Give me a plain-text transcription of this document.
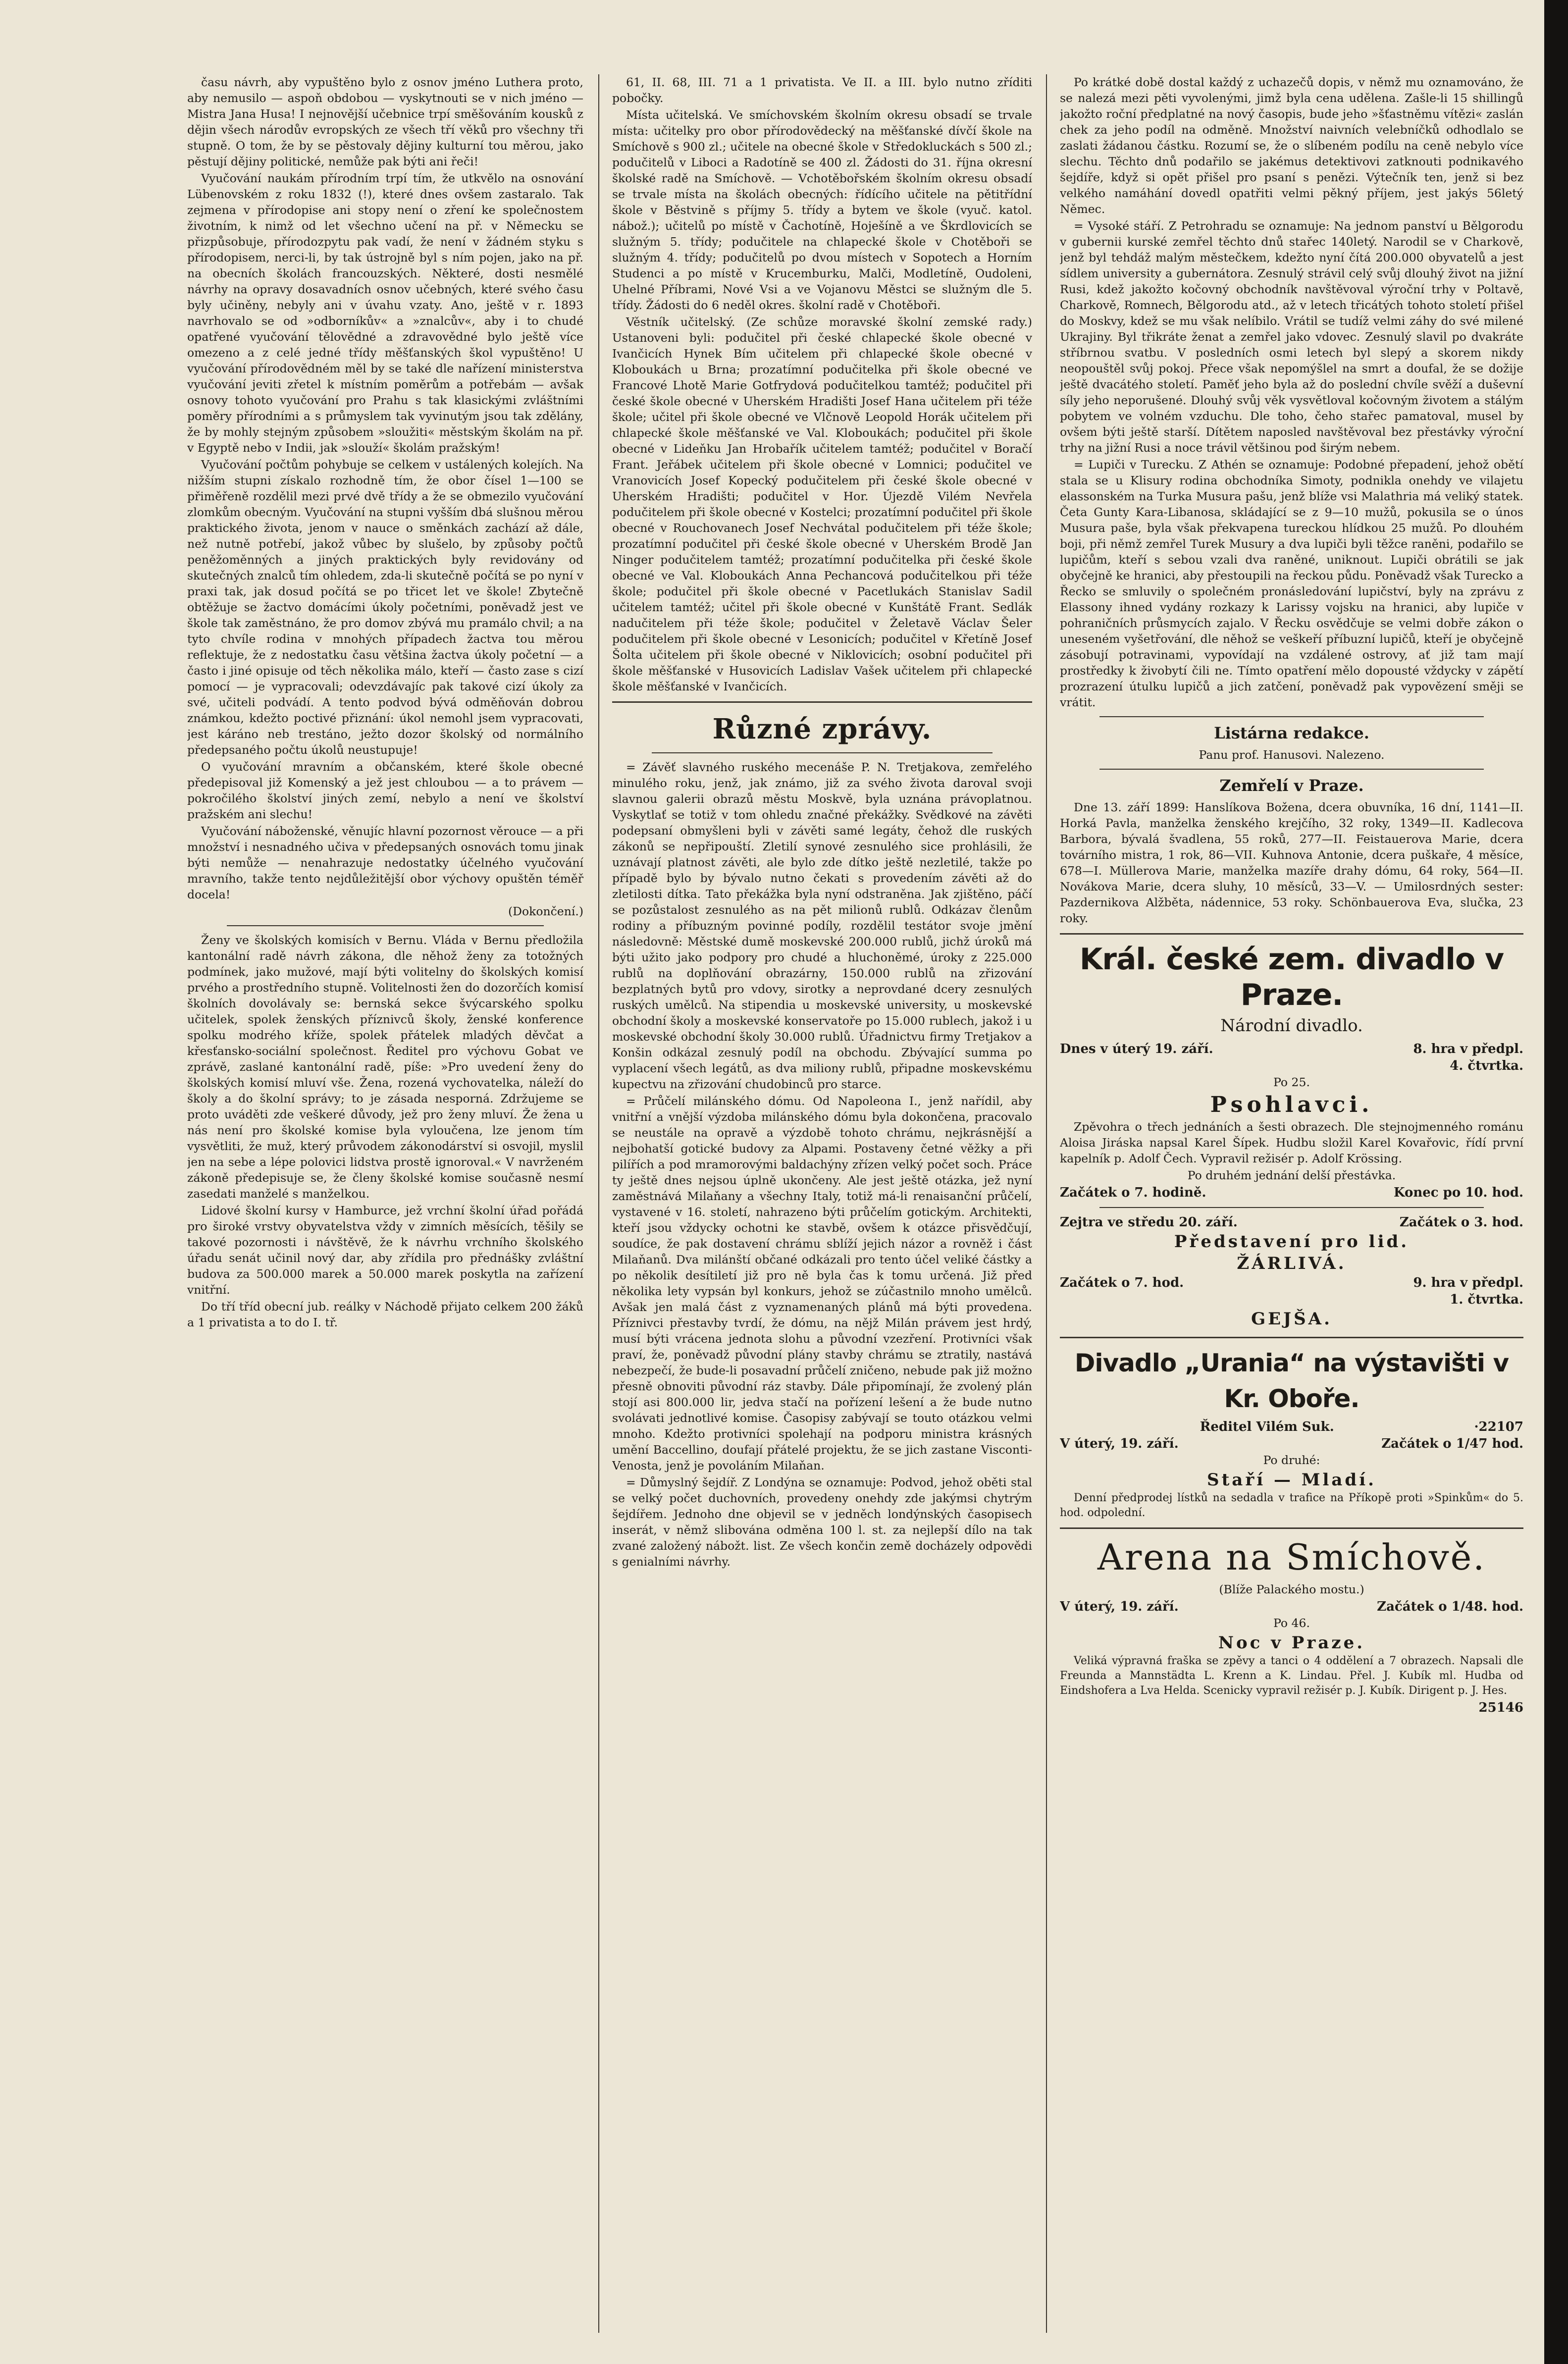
času návrh, aby vypuštěno bylo z osnov jméno Luthera proto, aby nemusilo — aspoň obdobou — vyskytnouti se v nich jméno — Mistra Jana Husa! I nejnovější učebnice trpí směšováním kousků z dějin všech národův evropských ze všech tří věků pro všechny tři stupně. O tom, že by se pěstovaly dějiny kulturní tou měrou, jako pěstují dějiny politické, nemůže pak býti ani řeči!

Vyučování naukám přírodním trpí tím, že utkvělo na osnování Lübenovském z roku 1832 (!), které dnes ovšem zastaralo. Tak zejmena v přírodopise ani stopy není o zření ke společnostem životním, k nimž od let všechno učení na př. v Německu se přizpůsobuje, přírodozpytu pak vadí, že není v žádném styku s přírodopisem, nerci-li, by tak ústrojně byl s ním pojen, jako na př. na obecních školách francouzských. Některé, dosti nesmělé návrhy na opravy dosavadních osnov učebných, které svého času byly učiněny, nebyly ani v úvahu vzaty. Ano, ještě v r. 1893 navrhovalo se od »odborníkův« a »znalcův«, aby i to chudé opatřené vyučování tělovědné a zdravovědné bylo ještě více omezeno a z celé jedné třídy měšťanských škol vypuštěno! U vyučování přírodovědném měl by se také dle nařízení ministerstva vyučování jeviti zřetel k místním poměrům a potřebám — avšak osnovy tohoto vyučování pro Prahu s tak klasickými zvláštními poměry přírodními a s průmyslem tak vyvinutým jsou tak zdělány, že by mohly stejným způsobem »sloužiti« městským školám na př. v Egyptě nebo v Indii, jak »slouží« školám pražským!

Vyučování počtům pohybuje se celkem v ustálených kolejích. Na nižším stupni získalo rozhodně tím, že obor čísel 1—100 se přiměřeně rozdělil mezi prvé dvě třídy a že se obmezilo vyučování zlomkům obecným. Vyučování na stupni vyšším dbá slušnou měrou praktického života, jenom v nauce o směnkách zachází až dále, než nutně potřebí, jakož vůbec by slušelo, by způsoby počtů peněžoměnných a jiných praktických byly revidovány od skutečných znalců tím ohledem, zda-li skutečně počítá se po nyní v praxi tak, jak dosud počítá se po třicet let ve škole! Zbytečně obtěžuje se žactvo domácími úkoly početními, poněvadž jest ve škole tak zaměstnáno, že pro domov zbývá mu pramálo chvil; a na tyto chvíle rodina v mnohých případech žactva tou měrou reflektuje, že z nedostatku času většina žactva úkoly početní — a často i jiné opisuje od těch několika málo, kteří — často zase s cizí pomocí — je vypracovali; odevzdávajíc pak takové cizí úkoly za své, učiteli podvádí. A tento podvod bývá odměňován dobrou známkou, kdežto poctivé přiznání: úkol nemohl jsem vypracovati, jest káráno neb trestáno, ježto dozor školský od normálního předepsaného počtu úkolů neustupuje!

O vyučování mravním a občanském, které škole obecné předepisoval již Komenský a jež jest chloubou — a to právem — pokročilého školství jiných zemí, nebylo a není ve školství pražském ani slechu!

Vyučování náboženské, věnujíc hlavní pozornost věrouce — a při množství i nesnadného učiva v předepsaných osnovách tomu jinak býti nemůže — nenahrazuje nedostatky účelného vyučování mravního, takže tento nejdůležitější obor výchovy opuštěn téměř docela!

(Dokončení.)

Ženy ve školských komisích v Bernu. Vláda v Bernu předložila kantonální radě návrh zákona, dle něhož ženy za totožných podmínek, jako mužové, mají býti volitelny do školských komisí prvého a prostředního stupně. Volitelnosti žen do dozorčích komisí školních dovolávaly se: bernská sekce švýcarského spolku učitelek, spolek ženských příznivců školy, ženské konference spolku modrého kříže, spolek přátelek mladých děvčat a křesťansko-sociální společnost. Ředitel pro výchovu Gobat ve zprávě, zaslané kantonální radě, píše: »Pro uvedení ženy do školských komisí mluví vše. Žena, rozená vychovatelka, náleží do školy a do školní správy; to je zásada nesporná. Zdržujeme se proto uváděti zde veškeré důvody, jež pro ženy mluví. Že žena u nás není pro školské komise byla vyloučena, lze jenom tím vysvětliti, že muž, který průvodem zákonodárství si osvojil, myslil jen na sebe a lépe polovici lidstva prostě ignoroval.« V navrženém zákoně předepisuje se, že členy školské komise současně nesmí zasedati manželé s manželkou.

Lidové školní kursy v Hamburce, jež vrchní školní úřad pořádá pro široké vrstvy obyvatelstva vždy v zimních měsících, těšily se takové pozornosti i návštěvě, že k návrhu vrchního školského úřadu senát učinil nový dar, aby zřídila pro přednášky zvláštní budova za 500.000 marek a 50.000 marek poskytla na zařízení vnitřní.

Do tří tříd obecní jub. reálky v Náchodě přijato celkem 200 žáků a 1 privatista a to do I. tř.

61, II. 68, III. 71 a 1 privatista. Ve II. a III. bylo nutno zříditi pobočky.

Místa učitelská. Ve smíchovském školním okresu obsadí se trvale místa: učitelky pro obor přírodovědecký na měšťanské dívčí škole na Smíchově s 900 zl.; učitele na obecné škole v Středokluckách s 500 zl.; podučitelů v Liboci a Radotíně se 400 zl. Žádosti do 31. října okresní školské radě na Smíchově. — Vchotěbořském školním okresu obsadí se trvale místa na školách obecných: řídícího učitele na pětitřídní škole v Běstvině s příjmy 5. třídy a bytem ve škole (vyuč. katol. nábož.); učitelů po místě v Čachotíně, Hoješíně a ve Škrdlovicích se služným 5. třídy; podučitele na chlapecké škole v Chotěboři se služným 4. třídy; podučitelů po dvou místech v Sopotech a Horním Studenci a po místě v Krucemburku, Malči, Modletíně, Oudoleni, Uhelné Příbrami, Nové Vsi a ve Vojanovu Městci se služným dle 5. třídy. Žádosti do 6 neděl okres. školní radě v Chotěboři.

Věstník učitelský. (Ze schůze moravské školní zemské rady.) Ustanoveni byli: podučitel při české chlapecké škole obecné v Ivančicích Hynek Bím učitelem při chlapecké škole obecné v Kloboukách u Brna; prozatímní podučitelka při škole obecné ve Francové Lhotě Marie Gotfrydová podučitelkou tamtéž; podučitel při české škole obecné v Uherském Hradišti Josef Hana učitelem při téže škole; učitel při škole obecné ve Vlčnově Leopold Horák učitelem při chlapecké škole měšťanské ve Val. Kloboukách; podučitel při škole obecné v Lideňku Jan Hrobařík učitelem tamtéž; podučitel v Boračí Frant. Jeřábek učitelem při škole obecné v Lomnici; podučitel ve Vranovicích Josef Kopecký podučitelem při české škole obecné v Uherském Hradišti; podučitel v Hor. Újezdě Vilém Nevřela podučitelem při škole obecné v Kostelci; prozatímní podučitel při škole obecné v Rouchovanech Josef Nechvátal podučitelem při téže škole; prozatímní podučitel při české škole obecné v Uherském Brodě Jan Ninger podučitelem tamtéž; prozatímní podučitelka při české škole obecné ve Val. Kloboukách Anna Pechancová podučitelkou při téže škole; podučitel při škole obecné v Pacetlukách Stanislav Sadil učitelem tamtéž; učitel při škole obecné v Kunštátě Frant. Sedlák nadučitelem při téže škole; podučitel v Želetavě Václav Šeler podučitelem při škole obecné v Lesonicích; podučitel v Křetíně Josef Šolta učitelem při škole obecné v Niklovicích; osobní podučitel při škole měšťanské v Husovicích Ladislav Vašek učitelem při chlapecké škole měšťanské v Ivančicích.

Různé zprávy.

= Závěť slavného ruského mecenáše P. N. Tretjakova, zemřelého minulého roku, jenž, jak známo, již za svého života daroval svoji slavnou galerii obrazů městu Moskvě, byla uznána právoplatnou. Vyskytlať se totiž v tom ohledu značné překážky. Svědkové na závěti podepsaní obmyšleni byli v závěti samé legáty, čehož dle ruských zákonů se nepřipouští. Zletilí synové zesnulého sice prohlásili, že uznávají platnost závěti, ale bylo zde dítko ještě nezletilé, takže po případě bylo by bývalo nutno čekati s provedením závěti až do zletilosti dítka. Tato překážka byla nyní odstraněna. Jak zjištěno, páčí se pozůstalost zesnulého as na pět milionů rublů. Odkázav členům rodiny a příbuzným povinné podíly, rozdělil testátor svoje jmění následovně: Městské dumě moskevské 200.000 rublů, jichž úroků má býti užito jako podpory pro chudé a hluchoněmé, úroky z 225.000 rublů na doplňování obrazárny, 150.000 rublů na zřizování bezplatných bytů pro vdovy, sirotky a neprovdané dcery zesnulých ruských umělců. Na stipendia u moskevské university, u moskevské obchodní školy a moskevské konservatoře po 15.000 rublech, jakož i u moskevské obchodní školy 30.000 rublů. Úřadnictvu firmy Tretjakov a Konšin odkázal zesnulý podíl na obchodu. Zbývající summa po vyplacení všech legátů, as dva miliony rublů, připadne moskevskému kupectvu na zřizování chudobinců pro starce.

= Průčelí milánského dómu. Od Napoleona I., jenž nařídil, aby vnitřní a vnější výzdoba milánského dómu byla dokončena, pracovalo se neustále na opravě a výzdobě tohoto chrámu, nejkrásnější a nejbohatší gotické budovy za Alpami. Postaveny četné věžky a při pilířích a pod mramorovými baldachýny zřízen velký počet soch. Práce ty ještě dnes nejsou úplně ukončeny. Ale jest ještě otázka, jež nyní zaměstnává Milaňany a všechny Italy, totiž má-li renaisanční průčelí, vystavené v 16. století, nahrazeno býti průčelím gotickým. Architekti, kteří jsou vždycky ochotni ke stavbě, ovšem k otázce přisvědčují, soudíce, že pak dostavení chrámu sblíží jejich názor a rovněž i část Milaňanů. Dva milánští občané odkázali pro tento účel veliké částky a po několik desítiletí již pro ně byla čas k tomu určená. Již před několika lety vypsán byl konkurs, jehož se zúčastnilo mnoho umělců. Avšak jen malá část z vyznamenaných plánů má býti provedena. Příznivci přestavby tvrdí, že dómu, na nějž Milán právem jest hrdý, musí býti vrácena jednota slohu a původní vzezření. Protivníci však praví, že, poněvadž původní plány stavby chrámu se ztratily, nastává nebezpečí, že bude-li posavadní průčelí zničeno, nebude pak již možno přesně obnoviti původní ráz stavby. Dále připomínají, že zvolený plán stojí asi 800.000 lir, jedva stačí na pořízení lešení a že bude nutno svolávati jednotlivé komise. Časopisy zabývají se touto otázkou velmi mnoho. Kdežto protivníci spolehají na podporu ministra krásných umění Baccellino, doufají přátelé projektu, že se jich zastane Visconti-Venosta, jenž je povoláním Milaňan.

= Důmyslný šejdíř. Z Londýna se oznamuje: Podvod, jehož oběti stal se velký počet duchovních, provedeny onehdy zde jakýmsi chytrým šejdířem. Jednoho dne objevil se v jedněch londýnských časopisech inserát, v němž slibována odměna 100 l. st. za nejlepší dílo na tak zvané založený nábožt. list. Ze všech končin země docházely odpovědi s genialními návrhy.

Po krátké době dostal každý z uchazečů dopis, v němž mu oznamováno, že se nalezá mezi pěti vyvolenými, jimž byla cena udělena. Zašle-li 15 shillingů jakožto roční předplatné na nový časopis, bude jeho »šťastněmu vítězi« zaslán chek za jeho podíl na odměně. Množství naivních velebníčků odhodlalo se zaslati žádanou částku. Rozumí se, že o slíbeném podílu na ceně nebylo více slechu. Těchto dnů podařilo se jakémus detektivovi zatknouti podnikavého šejdíře, když si opět přišel pro psaní s penězi. Výtečník ten, jenž si bez velkého namáhání dovedl opatřiti velmi pěkný příjem, jest jakýs 56letý Němec.

= Vysoké stáří. Z Petrohradu se oznamuje: Na jednom panství u Bělgorodu v gubernii kurské zemřel těchto dnů stařec 140letý. Narodil se v Charkově, jenž byl tehdáž malým městečkem, kdežto nyní čítá 200.000 obyvatelů a jest sídlem university a gubernátora. Zesnulý strávil celý svůj dlouhý život na jižní Rusi, kdež jakožto kočovný obchodník navštěvoval výroční trhy v Poltavě, Charkově, Romnech, Bělgorodu atd., až v letech třicátých tohoto století přišel do Moskvy, kdež se mu však nelíbilo. Vrátil se tudíž velmi záhy do své milené Ukrajiny. Byl třikráte ženat a zemřel jako vdovec. Zesnulý slavil po dvakráte stříbrnou svatbu. V posledních osmi letech byl slepý a skorem nikdy neopouštěl svůj pokoj. Přece však nepomýšlel na smrt a doufal, že se dožije ještě dvacátého století. Paměť jeho byla až do poslední chvíle svěží a duševní síly jeho neporušené. Dlouhý svůj věk vysvětloval kočovným životem a stálým pobytem ve volném vzduchu. Dle toho, čeho stařec pamatoval, musel by ovšem býti ještě starší. Dítětem naposled navštěvoval bez přestávky výroční trhy na jižní Rusi a noce trávil většinou pod širým nebem.

= Lupiči v Turecku. Z Athén se oznamuje: Podobné přepadení, jehož obětí stala se u Klisury rodina obchodníka Simoty, podnikla onehdy ve vilajetu elassonském na Turka Musura pašu, jenž blíže vsi Malathria má veliký statek. Četa Gunty Kara-Libanosa, skládající se z 9—10 mužů, pokusila se o únos Musura paše, byla však překvapena tureckou hlídkou 25 mužů. Po dlouhém boji, při němž zemřel Turek Musury a dva lupiči byli těžce raněni, podařilo se lupičům, kteří s sebou vzali dva raněné, uniknout. Lupiči obrátili se jak obyčejně ke hranici, aby přestoupili na řeckou půdu. Poněvadž však Turecko a Řecko se smluvily o společném pronásledování lupičství, byly na zprávu z Elassony ihned vydány rozkazy k Larissy vojsku na hranici, aby lupiče v pohraničních průsmycích zajalo. V Řecku osvědčuje se velmi dobře zákon o uneseném vyšetřování, dle něhož se veškeří příbuzní lupičů, kteří je obyčejně zásobují potravinami, vypovídají na vzdálené ostrovy, ať již tam mají prostředky k živobytí čili ne. Tímto opatření mělo dopousté vždycky v zápětí prozrazení útulku lupičů a jich zatčení, poněvadž pak vypovězení směji se vrátit.

Listárna redakce.

Panu prof. Hanusovi. Nalezeno.

Zemřelí v Praze.

Dne 13. září 1899: Hanslíkova Božena, dcera obuvníka, 16 dní, 1141—II. Horká Pavla, manželka ženského krejčího, 32 roky, 1349—II. Kadlecova Barbora, bývalá švadlena, 55 roků, 277—II. Feistauerova Marie, dcera továrního mistra, 1 rok, 86—VII. Kuhnova Antonie, dcera puškaře, 4 měsíce, 678—I. Müllerova Marie, manželka mazíře drahy dómu, 64 roky, 564—II. Novákova Marie, dcera sluhy, 10 měsíců, 33—V. — Umilosrdných sester: Pazdernikova Alžběta, nádennice, 53 roky. Schönbauerova Eva, slučka, 23 roky.

Král. české zem. divadlo v Praze.
Národní divadlo.
Dnes v úterý 19. září.	8. hra v předpl.
4. čtvrtka.

Po 25.

Psohlavci.

Zpěvohra o třech jednáních a šesti obrazech. Dle stejnojmenného románu Aloisa Jiráska napsal Karel Šípek. Hudbu složil Karel Kovařovic, řídí první kapelník p. Adolf Čech. Vypravil režisér p. Adolf Krössing.

Po druhém jednání delší přestávka.

Začátek o 7. hodině.	Konec po 10. hod.
Zejtra ve středu 20. září.	Začátek o 3. hod.
Představení pro lid.
ŽÁRLIVÁ.
Začátek o 7. hod.	9. hra v předpl.
1. čtvrtka.
GEJŠA.
Divadlo „Urania“ na výstavišti v Kr. Oboře.
Ředitel Vilém Suk.	·22107
V úterý, 19. září.	Začátek o 1/47 hod.

Po druhé:

Staří — Mladí.

Denní předprodej lístků na sedadla v trafice na Příkopě proti »Spinkům« do 5. hod. odpolední.

Arena na Smíchově.

(Blíže Palackého mostu.)

V úterý, 19. září.	Začátek o 1/48. hod.

Po 46.

Noc v Praze.

Veliká výpravná fraška se zpěvy a tanci o 4 oddělení a 7 obrazech. Napsali dle Freunda a Mannstädta L. Krenn a K. Lindau. Přel. J. Kubík ml. Hudba od Eindshofera a Lva Helda. Scenicky vypravil režisér p. J. Kubík. Dirigent p. J. Hes.

25146
